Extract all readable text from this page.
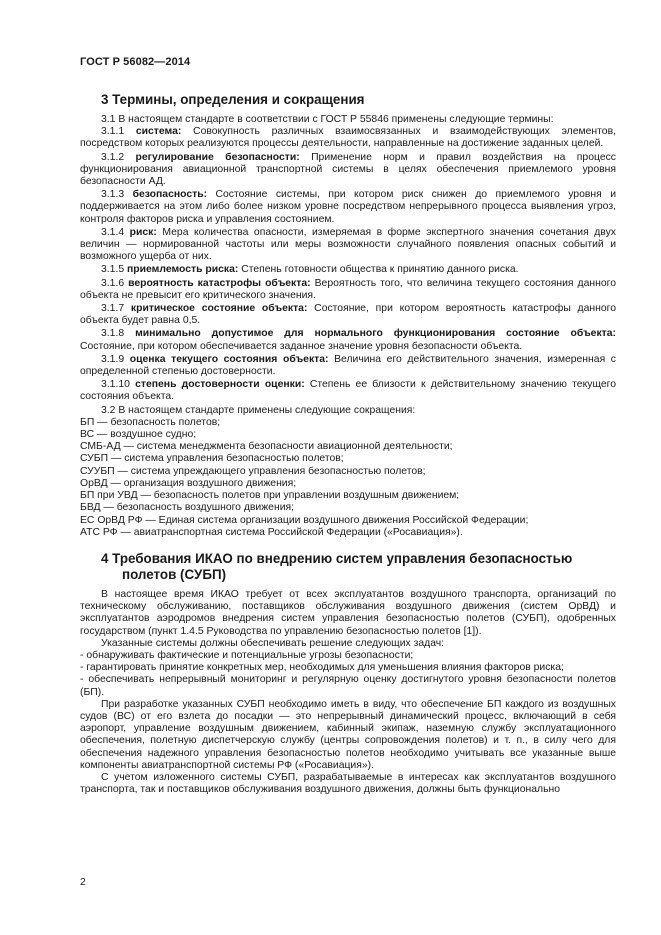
ГОСТ Р 56082—2014
3 Термины, определения и сокращения

3.1 В настоящем стандарте в соответствии с ГОСТ Р 55846 применены следующие термины:

3.1.1 система: Совокупность различных взаимосвязанных и взаимодействующих элементов, посредством которых реализуются процессы деятельности, направленные на достижение заданных целей.

3.1.2 регулирование безопасности: Применение норм и правил воздействия на процесс функционирования авиационной транспортной системы в целях обеспечения приемлемого уровня безопасности АД.

3.1.3 безопасность: Состояние системы, при котором риск снижен до приемлемого уровня и поддерживается на этом либо более низком уровне посредством непрерывного процесса выявления угроз, контроля факторов риска и управления состоянием.

3.1.4 риск: Мера количества опасности, измеряемая в форме экспертного значения сочетания двух величин — нормированной частоты или меры возможности случайного появления опасных событий и возможного ущерба от них.

3.1.5 приемлемость риска: Степень готовности общества к принятию данного риска.

3.1.6 вероятность катастрофы объекта: Вероятность того, что величина текущего состояния данного объекта не превысит его критического значения.

3.1.7 критическое состояние объекта: Состояние, при котором вероятность катастрофы данного объекта будет равна 0,5.

3.1.8 минимально допустимое для нормального функционирования состояние объекта: Состояние, при котором обеспечивается заданное значение уровня безопасности объекта.

3.1.9 оценка текущего состояния объекта: Величина его действительного значения, измеренная с определенной степенью достоверности.

3.1.10 степень достоверности оценки: Степень ее близости к действительному значению текущего состояния объекта.

3.2 В настоящем стандарте применены следующие сокращения:

БП — безопасность полетов;
ВС — воздушное судно;
СМБ-АД — система менеджмента безопасности авиационной деятельности;
СУБП — система управления безопасностью полетов;
СУУБП — система упреждающего управления безопасностью полетов;
ОрВД — организация воздушного движения;
БП при УВД — безопасность полетов при управлении воздушным движением;
БВД — безопасность воздушного движения;
ЕС ОрВД РФ — Единая система организации воздушного движения Российской Федерации;
АТС РФ — авиатранспортная система Российской Федерации («Росавиация»).
4 Требования ИКАО по внедрению систем управления безопасностью полетов (СУБП)

В настоящее время ИКАО требует от всех эксплуатантов воздушного транспорта, организаций по техническому обслуживанию, поставщиков обслуживания воздушного движения (систем ОрВД) и эксплуатантов аэродромов внедрения систем управления безопасностью полетов (СУБП), одобренных государством (пункт 1.4.5 Руководства по управлению безопасностью полетов [1]).

Указанные системы должны обеспечивать решение следующих задач:

- обнаруживать фактические и потенциальные угрозы безопасности;
- гарантировать принятие конкретных мер, необходимых для уменьшения влияния факторов риска;
- обеспечивать непрерывный мониторинг и регулярную оценку достигнутого уровня безопасности полетов (БП).

При разработке указанных СУБП необходимо иметь в виду, что обеспечение БП каждого из воздушных судов (ВС) от его взлета до посадки — это непрерывный динамический процесс, включающий в себя аэропорт, управление воздушным движением, кабинный экипаж, наземную службу эксплуатационного обеспечения, полетную диспетчерскую службу (центры сопровождения полетов) и т. п., в силу чего для обеспечения надежного управления безопасностью полетов необходимо учитывать все указанные выше компоненты авиатранспортной системы РФ («Росавиация»).

С учетом изложенного системы СУБП, разрабатываемые в интересах как эксплуатантов воздушного транспорта, так и поставщиков обслуживания воздушного движения, должны быть функционально

2
